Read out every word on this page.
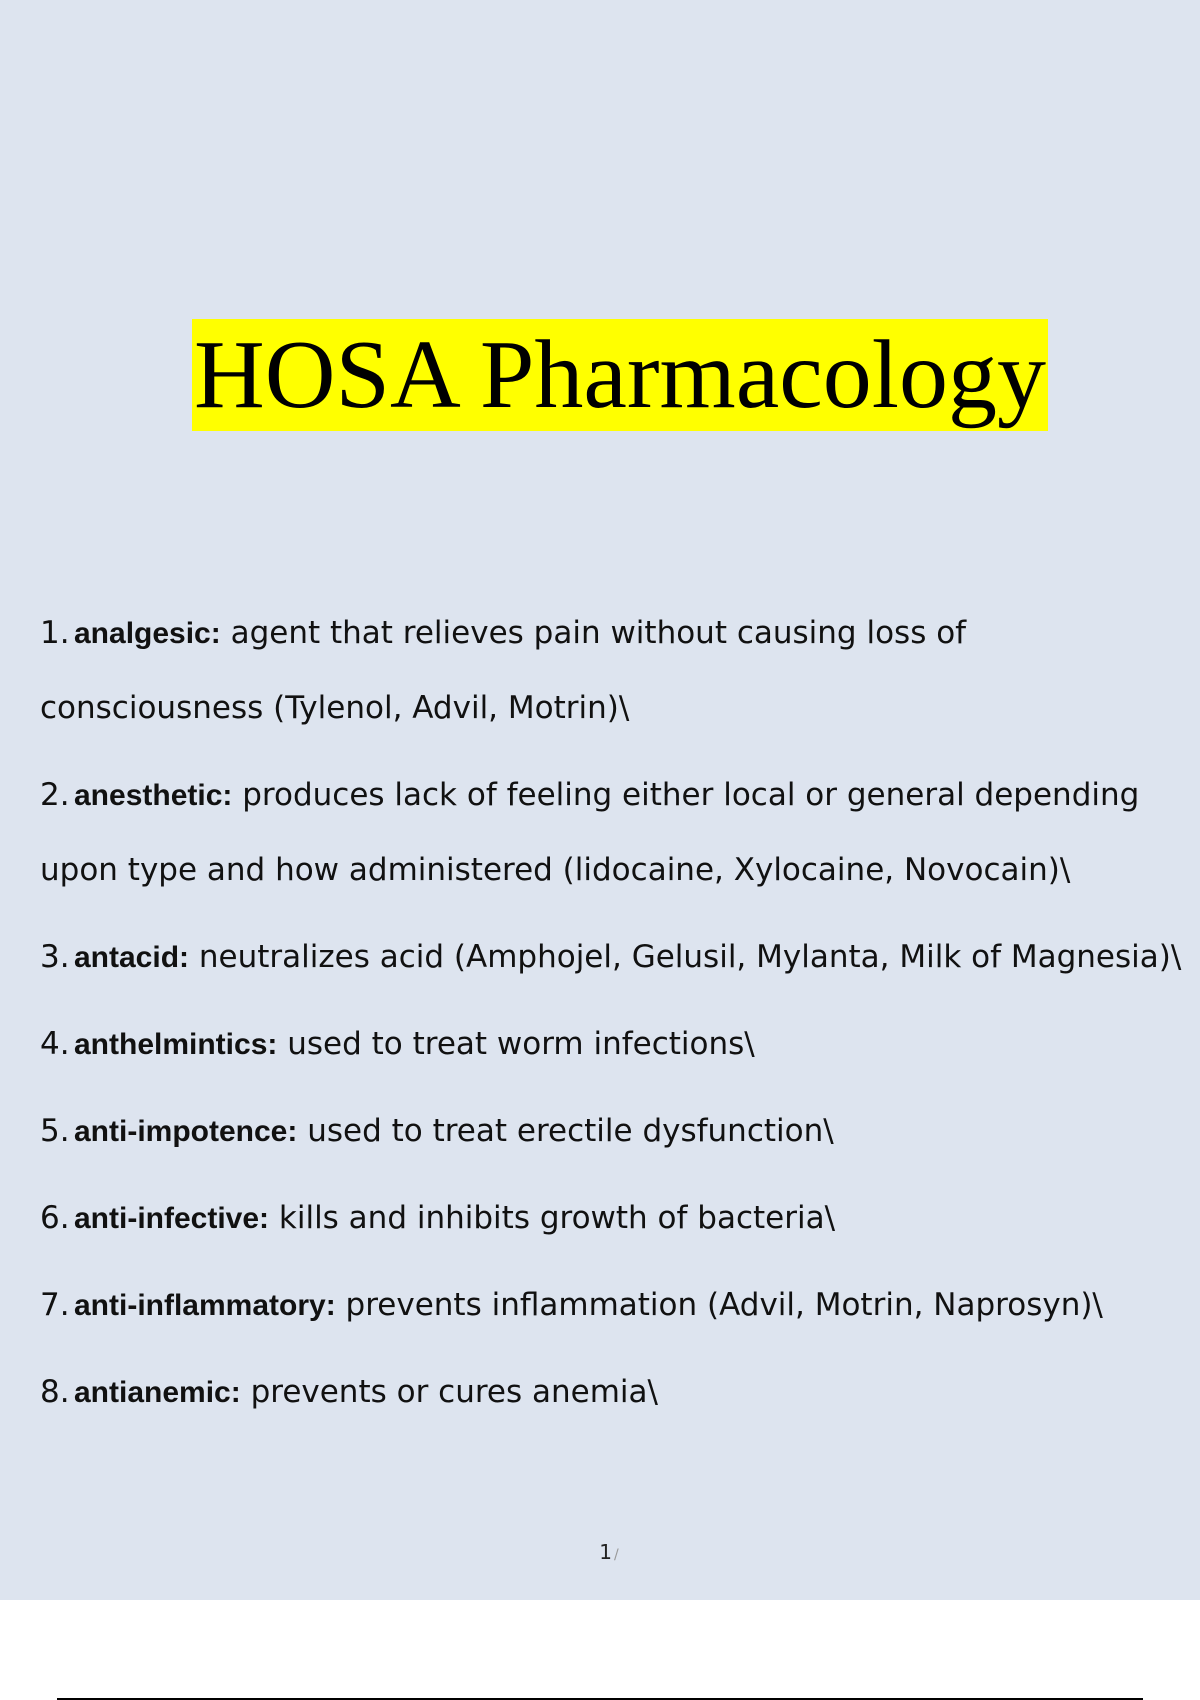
HOSA Pharmacology
1. analgesic: agent that relieves pain without causing loss of consciousness (Tylenol, Advil, Motrin)\
2. anesthetic: produces lack of feeling either local or general depending upon type and how administered (lidocaine, Xylocaine, Novocain)\
3. antacid: neutralizes acid (Amphojel, Gelusil, Mylanta, Milk of Magnesia)\
4. anthelmintics: used to treat worm infections\
5. anti-impotence: used to treat erectile dysfunction\
6. anti-infective: kills and inhibits growth of bacteria\
7. anti-inflammatory: prevents inflammation (Advil, Motrin, Naprosyn)\
8. antianemic: prevents or cures anemia\
1 /
